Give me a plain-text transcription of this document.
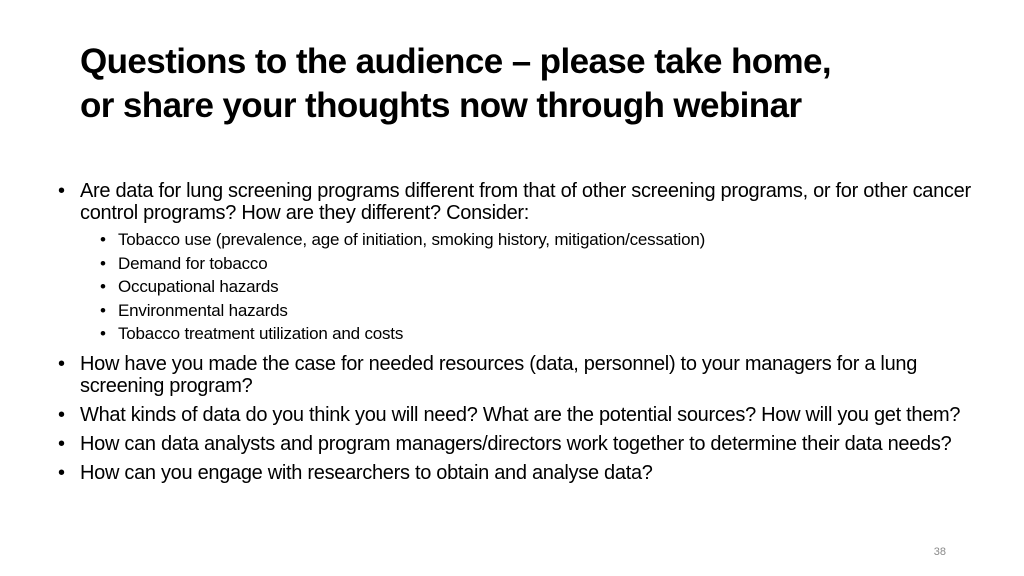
Questions to the audience – please take home,
or share your thoughts now through webinar
• Are data for lung screening programs different from that of other screening programs, or for other cancer control programs? How are they different? Consider:
• Tobacco use (prevalence, age of initiation, smoking history, mitigation/cessation)
• Demand for tobacco
• Occupational hazards
• Environmental hazards
• Tobacco treatment utilization and costs
• How have you made the case for needed resources (data, personnel) to your managers for a lung screening program?
• What kinds of data do you think you will need? What are the potential sources? How will you get them?
• How can data analysts and program managers/directors work together to determine their data needs?
• How can you engage with researchers to obtain and analyse data?
38
